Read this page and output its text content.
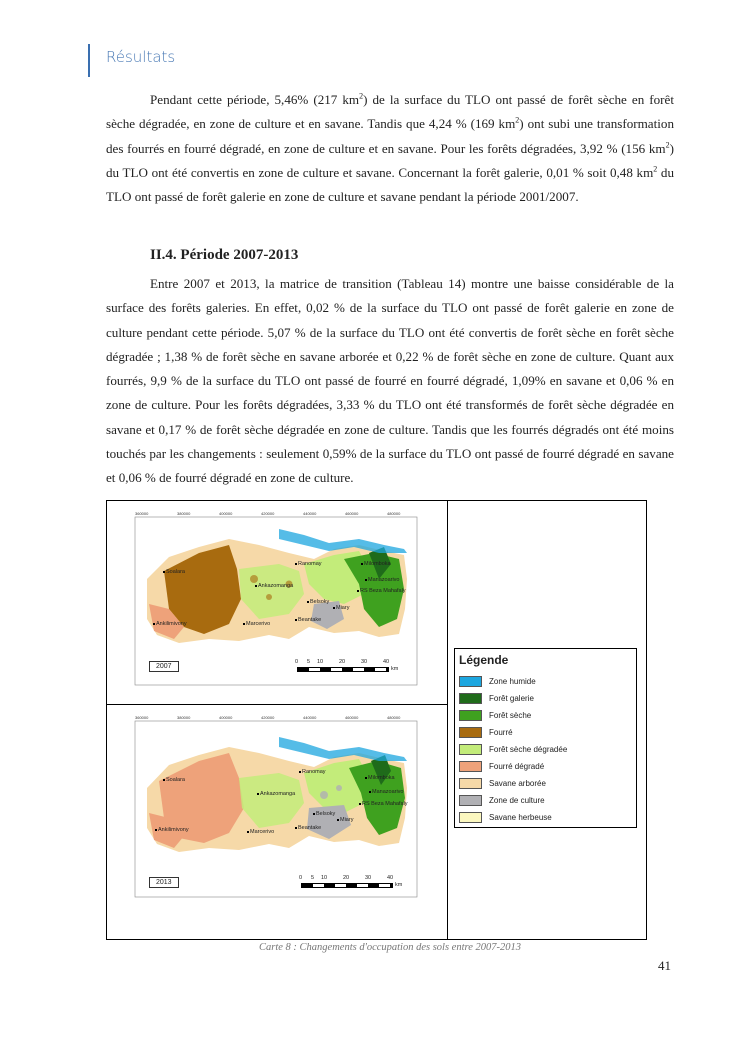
Résultats

Pendant cette période, 5,46% (217 $km^2$) de la surface du TLO ont passé de forêt sèche en forêt sèche dégradée, en zone de culture et en savane. Tandis que 4,24 % (169 $km^2$) ont subi une transformation des fourrés en fourré dégradé, en zone de culture et en savane. Pour les forêts dégradées, 3,92 % (156 $km^2$) du TLO ont été convertis en zone de culture et savane. Concernant la forêt galerie, 0,01 % soit 0,48 $km^2$ du TLO ont passé de forêt galerie en zone de culture et savane pendant la période 2001/2007.

II.4. Période 2007-2013

Entre 2007 et 2013, la matrice de transition (Tableau 14) montre une baisse considérable de la surface des forêts galeries. En effet, 0,02 % de la surface du TLO ont passé de forêt galerie en zone de culture pendant cette période. 5,07 % de la surface du TLO ont été convertis de forêt sèche en forêt sèche dégradée ; 1,38 % de forêt sèche en savane arborée et 0,22 % de forêt sèche en zone de culture. Quant aux fourrés, 9,9 % de la surface du TLO ont passé de fourré en fourré dégradé, 1,09% en savane et 0,06 % en zone de culture. Pour les forêts dégradées, 3,33 % du TLO ont été transformés de forêt sèche dégradée en savane et 0,17 % de forêt sèche dégradée en zone de culture. Tandis que les fourrés dégradés ont été moins touchés par les changements : seulement 0,59% de la surface du TLO ont passé de fourré dégradé en savane et 0,06 % de fourré dégradé en zone de culture.

Soalara
Ankilimivony
Ankazomanga
Marcerivo
Beantake
Ranomay	Milomboka
Manazoarivo
RS Beza Mahafaly
Belsoky
Miary
360000	380000	400000	420000	440000	460000	480000
2007
0 5 10	20	30	40
km
Soalara
Ankilimivony
Ankazomanga
Marcerivo
Beantake
Ranomay
Milomboka
Manazoarivo
RS Beza Mahafaly
Belsoky
Miary
360000	380000	400000	420000	440000	460000	480000
2013
0 5 10	20	30	40
km
Légende
Zone humide
Forêt galerie
Forêt sèche
Fourré
Forêt sèche dégradée
Fourré dégradé
Savane arborée
Zone de culture
Savane herbeuse
Carte 8 : Changements d'occupation des sols entre 2007-2013
41
